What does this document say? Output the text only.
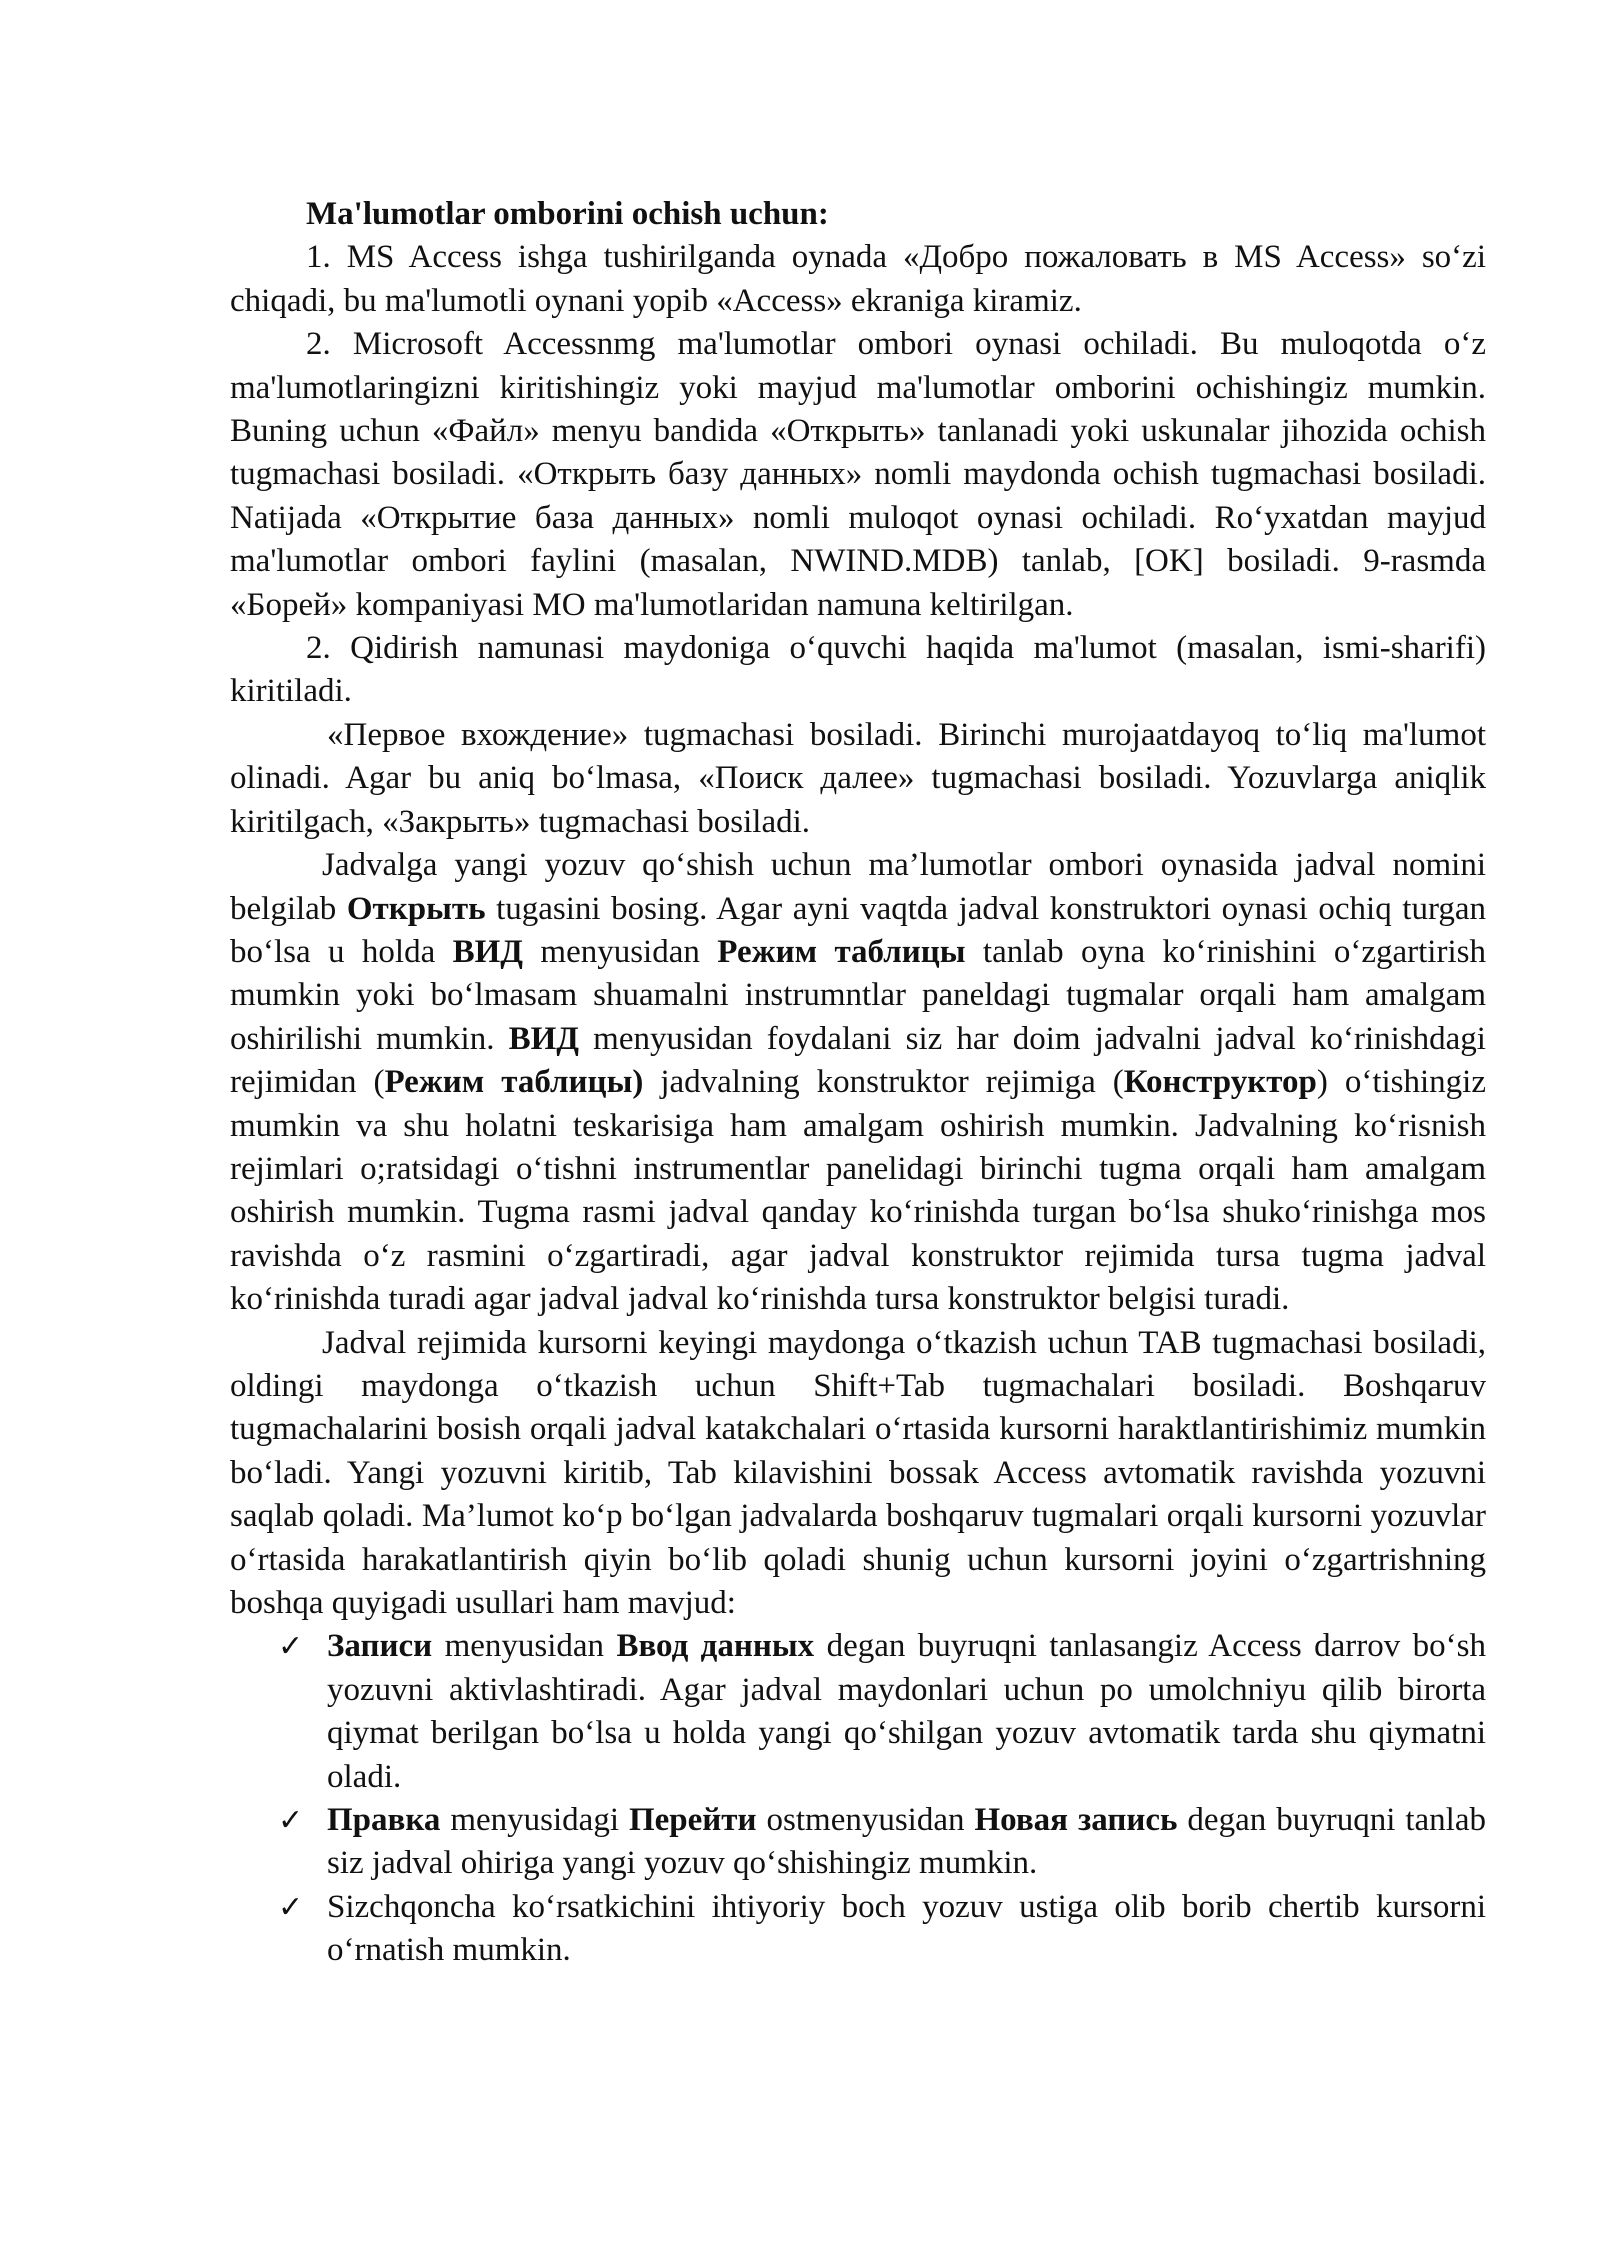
Ma'lumotlar omborini ochish uchun:

1. MS Access ishga tushirilganda oynada «Добро пожаловать в MS Access» so‘zi chiqadi, bu ma'lumotli oynani yopib «Access» ekraniga kiramiz.

2. Microsoft Accessnmg ma'lumotlar ombori oynasi ochiladi. Bu muloqotda o‘z ma'lumotlaringizni kiritishingiz yoki mayjud ma'lumotlar omborini ochishingiz mumkin. Buning uchun «Файл» menyu bandida «Открыть» tanlanadi yoki uskunalar jihozida ochish tugmachasi bosiladi. «Открыть базу данных» nomli maydonda ochish tugmachasi bosiladi. Natijada «Открытие база данных» nomli muloqot oynasi ochiladi. Ro‘yxatdan mayjud ma'lumotlar ombori faylini (masalan, NWIND.MDB) tanlab, [OK] bosiladi. 9-rasmda «Борей» kompaniyasi MO ma'lumotlaridan namuna keltirilgan.

2. Qidirish namunasi maydoniga o‘quvchi haqida ma'lumot (masalan, ismi-sharifi) kiritiladi.

«Первое вхождение» tugmachasi bosiladi. Birinchi murojaatdayoq to‘liq ma'lumot olinadi. Agar bu aniq bo‘lmasa, «Поиск далее» tugmachasi bosiladi. Yozuvlarga aniqlik kiritilgach, «Закрыть» tugmachasi bosiladi.

Jadvalga yangi yozuv qo‘shish uchun ma’lumotlar ombori oynasida jadval nomini belgilab Открыть tugasini bosing. Agar ayni vaqtda jadval konstruktori oynasi ochiq turgan bo‘lsa u holda ВИД menyusidan Режим таблицы tanlab oyna ko‘rinishini o‘zgartirish mumkin yoki bo‘lmasam shuamalni instrumntlar paneldagi tugmalar orqali ham amalgam oshirilishi mumkin. ВИД menyusidan foydalani siz har doim jadvalni jadval ko‘rinishdagi rejimidan (Режим таблицы) jadvalning konstruktor rejimiga (Конструктор) o‘tishingiz mumkin va shu holatni teskarisiga ham amalgam oshirish mumkin. Jadvalning ko‘risnish rejimlari o;ratsidagi o‘tishni instrumentlar panelidagi birinchi tugma orqali ham amalgam oshirish mumkin. Tugma rasmi jadval qanday ko‘rinishda turgan bo‘lsa shuko‘rinishga mos ravishda o‘z rasmini o‘zgartiradi, agar jadval konstruktor rejimida tursa tugma jadval ko‘rinishda turadi agar jadval jadval ko‘rinishda tursa konstruktor belgisi turadi.

Jadval rejimida kursorni keyingi maydonga o‘tkazish uchun TAB tugmachasi bosiladi, oldingi maydonga o‘tkazish uchun Shift+Tab tugmachalari bosiladi. Boshqaruv tugmachalarini bosish orqali jadval katakchalari o‘rtasida kursorni haraktlantirishimiz mumkin bo‘ladi. Yangi yozuvni kiritib, Tab kilavishini bossak Access avtomatik ravishda yozuvni saqlab qoladi. Ma’lumot ko‘p bo‘lgan jadvalarda boshqaruv tugmalari orqali kursorni yozuvlar o‘rtasida harakatlantirish qiyin bo‘lib qoladi shunig uchun kursorni joyini o‘zgartrishning boshqa quyigadi usullari ham mavjud:

✓ Записи menyusidan Ввод данных degan buyruqni tanlasangiz Access darrov bo‘sh yozuvni aktivlashtiradi. Agar jadval maydonlari uchun po umolchniyu qilib birorta qiymat berilgan bo‘lsa u holda yangi qo‘shilgan yozuv avtomatik tarda shu qiymatni oladi.
✓ Правка menyusidagi Перейти ostmenyusidan Новая запись degan buyruqni tanlab siz jadval ohiriga yangi yozuv qo‘shishingiz mumkin.
✓ Sizchqoncha ko‘rsatkichini ihtiyoriy boch yozuv ustiga olib borib chertib kursorni o‘rnatish mumkin.
